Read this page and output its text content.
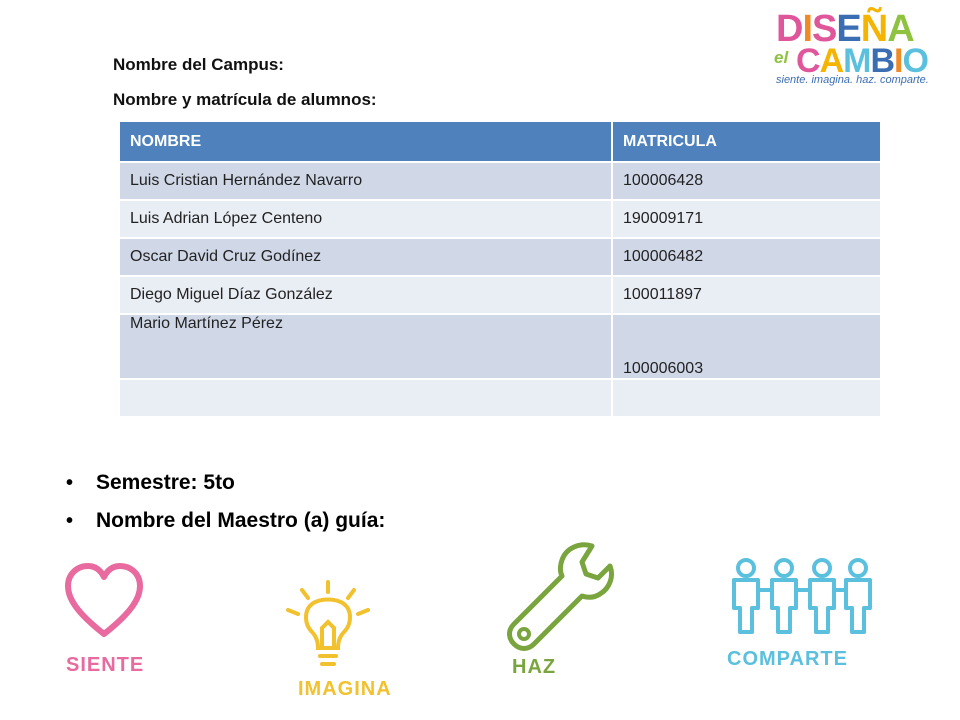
Nombre del Campus:
Nombre y matrícula de alumnos:
DISEÑA
el CAMBIO
siente. imagina. haz. comparte.
NOMBRE	MATRICULA
Luis Cristian Hernández Navarro	100006428
Luis Adrian López Centeno	190009171
Oscar David Cruz Godínez	100006482
Diego Miguel Díaz González	100011897
Mario Martínez Pérez	100006003

• Semestre: 5to
• Nombre del Maestro (a) guía:
SIENTE
IMAGINA
HAZ	COMPARTE
